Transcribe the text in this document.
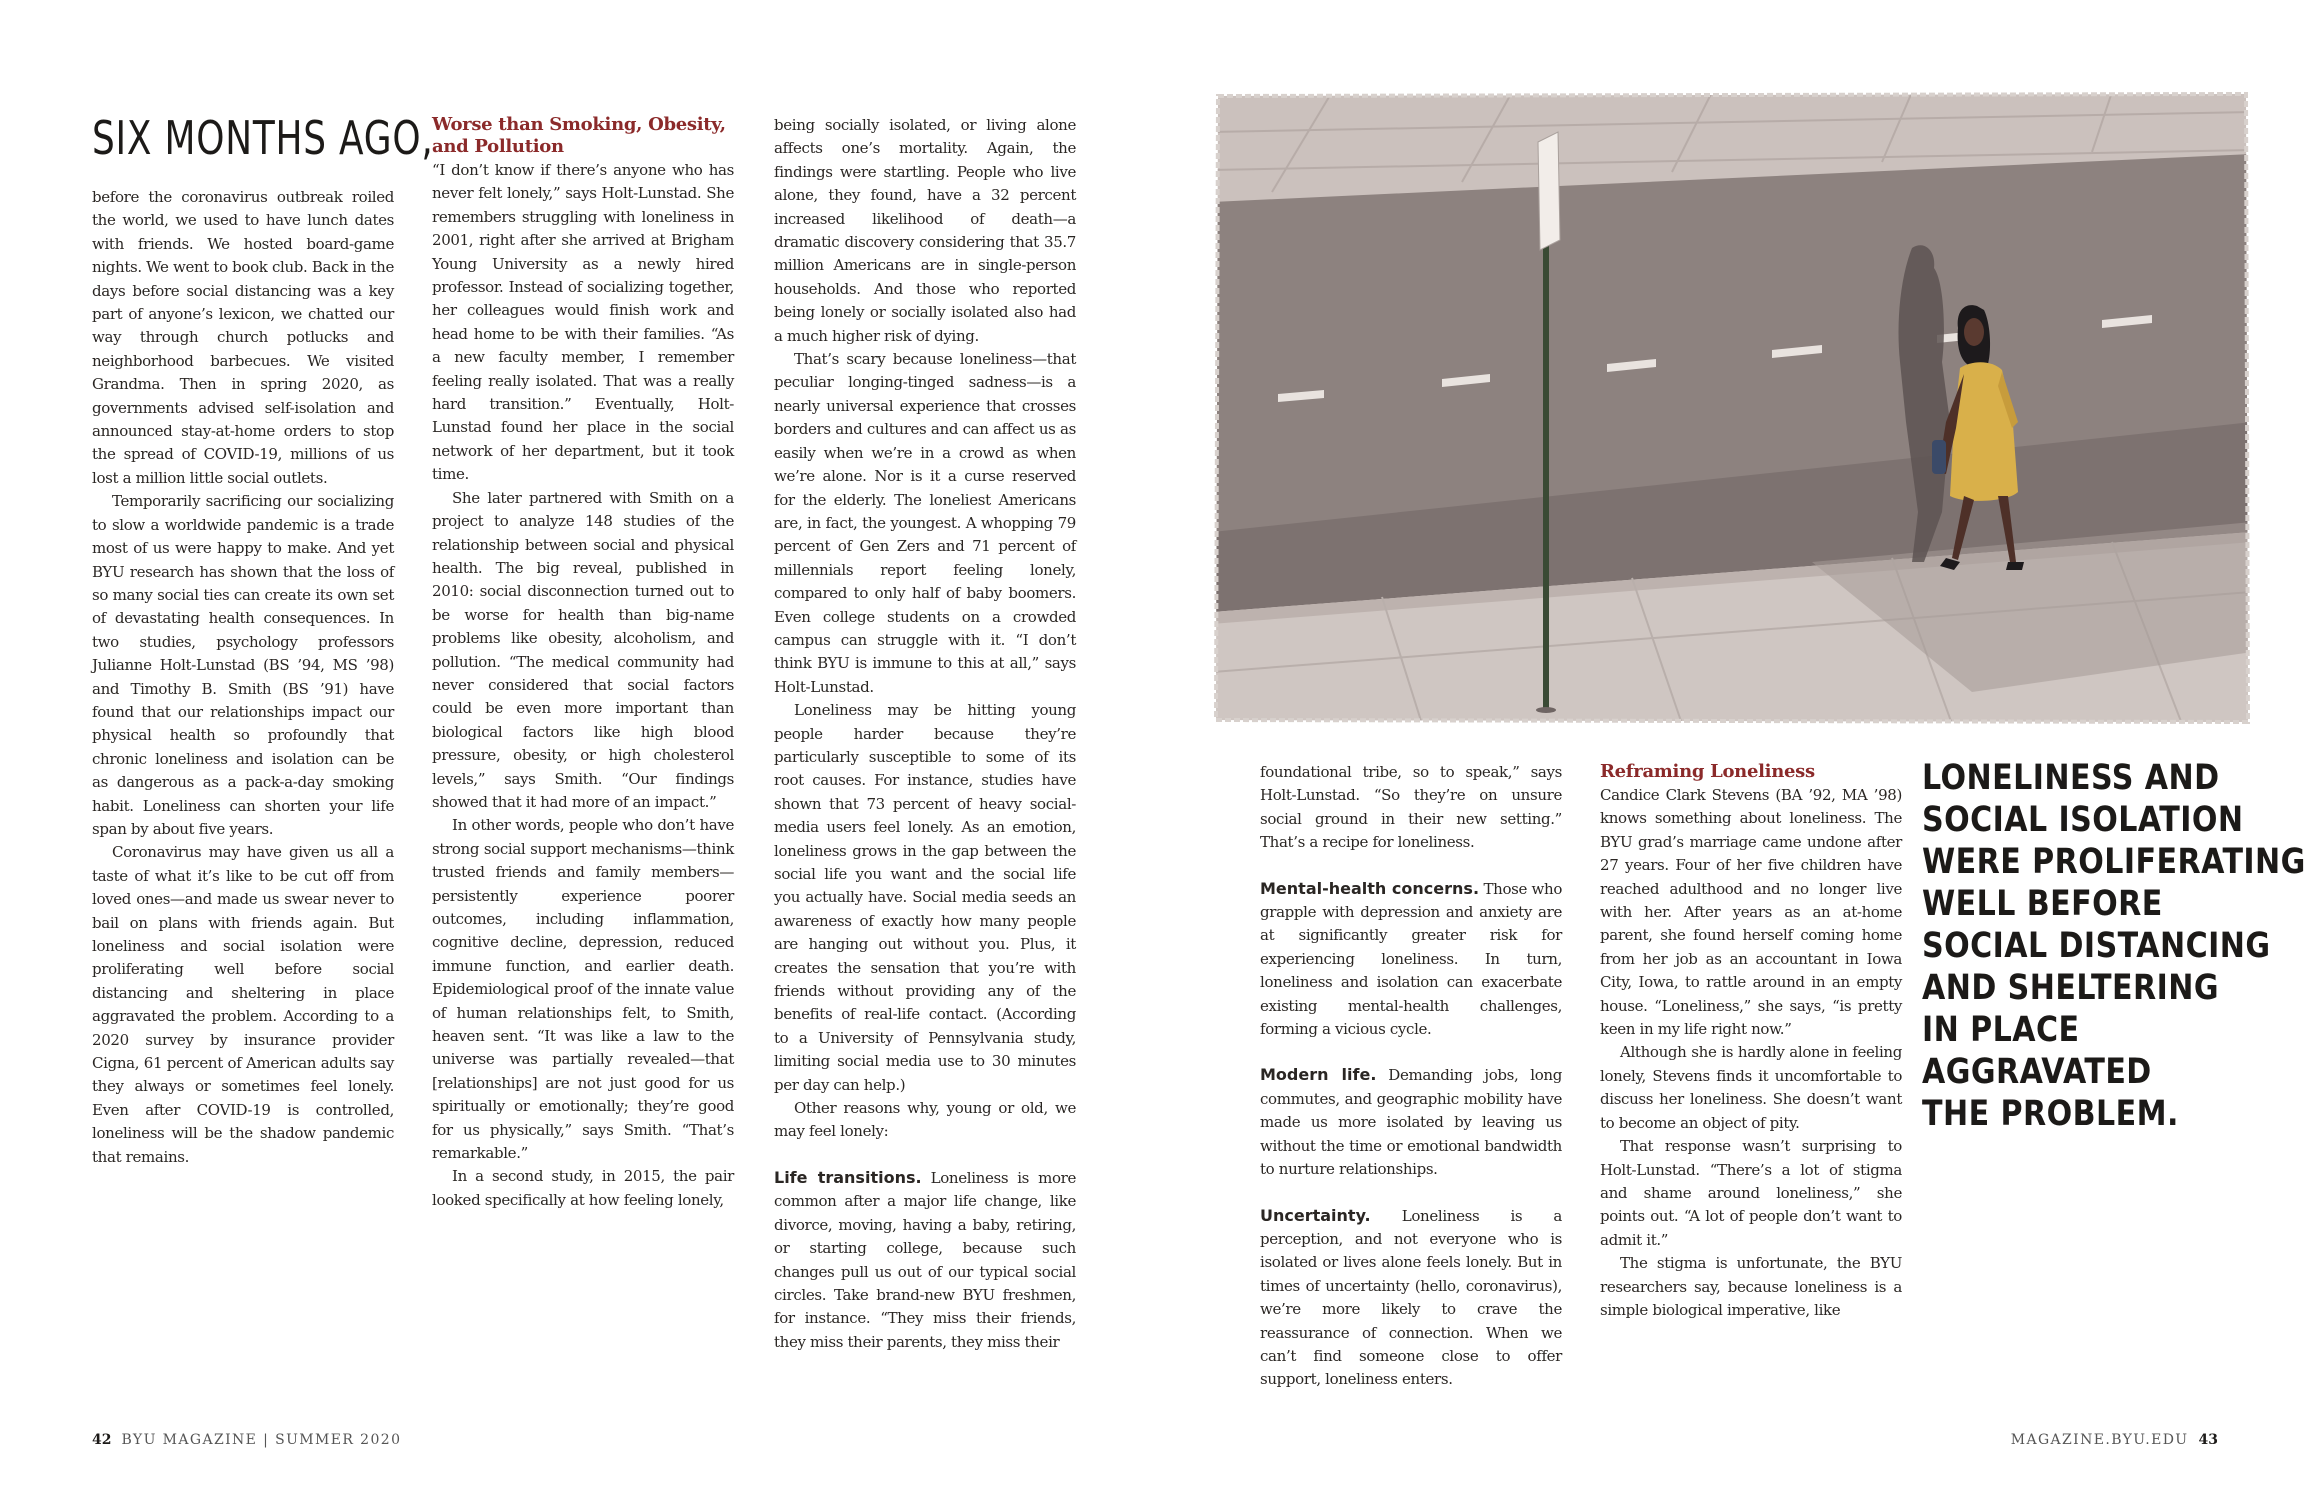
SIX MONTHS AGO,

before the coronavirus outbreak roiled the world, we used to have lunch dates with friends. We hosted board-game nights. We went to book club. Back in the days before social distancing was a key part of anyone’s lexicon, we chatted our way through church potlucks and neighborhood barbecues. We visited Grandma. Then in spring 2020, as governments advised self-isolation and announced stay-at-home orders to stop the spread of COVID-19, millions of us lost a million little social outlets.

Temporarily sacrificing our socializing to slow a worldwide pandemic is a trade most of us were happy to make. And yet BYU research has shown that the loss of so many social ties can create its own set of devastating health consequences. In two studies, psychology professors Julianne Holt-Lunstad (BS ’94, MS ’98) and Timothy B. Smith (BS ’91) have found that our relationships impact our physical health so profoundly that chronic loneliness and isolation can be as dangerous as a pack-a-day smoking habit. Loneliness can shorten your life span by about five years.

Coronavirus may have given us all a taste of what it’s like to be cut off from loved ones—and made us swear never to bail on plans with friends again. But loneliness and social isolation were proliferating well before social distancing and sheltering in place aggravated the problem. According to a 2020 survey by insurance provider Cigna, 61 percent of American adults say they always or sometimes feel lonely. Even after COVID-19 is controlled, loneliness will be the shadow pandemic that remains.

Worse than Smoking, Obesity, and Pollution

“I don’t know if there’s anyone who has never felt lonely,” says Holt-Lunstad. She remembers struggling with loneliness in 2001, right after she arrived at Brigham Young University as a newly hired professor. Instead of socializing together, her colleagues would finish work and head home to be with their families. “As a new faculty member, I remember feeling really isolated. That was a really hard transition.” Eventually, Holt-Lunstad found her place in the social network of her department, but it took time.

She later partnered with Smith on a project to analyze 148 studies of the relationship between social and physical health. The big reveal, published in 2010: social disconnection turned out to be worse for health than big-name problems like obesity, alcoholism, and pollution. “The medical community had never considered that social factors could be even more important than biological factors like high blood pressure, obesity, or high cholesterol levels,” says Smith. “Our findings showed that it had more of an impact.”

In other words, people who don’t have strong social support mechanisms—think trusted friends and family members—persistently experience poorer outcomes, including inflammation, cognitive decline, depression, reduced immune function, and earlier death. Epidemiological proof of the innate value of human relationships felt, to Smith, heaven sent. “It was like a law to the universe was partially revealed—that [relationships] are not just good for us spiritually or emotionally; they’re good for us physically,” says Smith. “That’s remarkable.”

In a second study, in 2015, the pair looked specifically at how feeling lonely,

being socially isolated, or living alone affects one’s mortality. Again, the findings were startling. People who live alone, they found, have a 32 percent increased likelihood of death—a dramatic discovery considering that 35.7 million Americans are in single-person households. And those who reported being lonely or socially isolated also had a much higher risk of dying.

That’s scary because loneliness—that peculiar longing-tinged sadness—is a nearly universal experience that crosses borders and cultures and can affect us as easily when we’re in a crowd as when we’re alone. Nor is it a curse reserved for the elderly. The loneliest Americans are, in fact, the youngest. A whopping 79 percent of Gen Zers and 71 percent of millennials report feeling lonely, compared to only half of baby boomers. Even college students on a crowded campus can struggle with it. “I don’t think BYU is immune to this at all,” says Holt-Lunstad.

Loneliness may be hitting young people harder because they’re particularly susceptible to some of its root causes. For instance, studies have shown that 73 percent of heavy social-media users feel lonely. As an emotion, loneliness grows in the gap between the social life you want and the social life you actually have. Social media seeds an awareness of exactly how many people are hanging out without you. Plus, it creates the sensation that you’re with friends without providing any of the benefits of real-life contact. (According to a University of Pennsylvania study, limiting social media use to 30 minutes per day can help.)

Other reasons why, young or old, we may feel lonely:

Life transitions. Loneliness is more common after a major life change, like divorce, moving, having a baby, retiring, or starting college, because such changes pull us out of our typical social circles. Take brand-new BYU freshmen, for instance. “They miss their friends, they miss their parents, they miss their

42 BYU MAGAZINE | SUMMER 2020

foundational tribe, so to speak,” says Holt-Lunstad. “So they’re on unsure social ground in their new setting.” That’s a recipe for loneliness.

Mental-health concerns. Those who grapple with depression and anxiety are at significantly greater risk for experiencing loneliness. In turn, loneliness and isolation can exacerbate existing mental-health challenges, forming a vicious cycle.

Modern life. Demanding jobs, long commutes, and geographic mobility have made us more isolated by leaving us without the time or emotional bandwidth to nurture relationships.

Uncertainty. Loneliness is a perception, and not everyone who is isolated or lives alone feels lonely. But in times of uncertainty (hello, coronavirus), we’re more likely to crave the reassurance of connection. When we can’t find someone close to offer support, loneliness enters.

Reframing Loneliness

Candice Clark Stevens (BA ’92, MA ’98) knows something about loneliness. The BYU grad’s marriage came undone after 27 years. Four of her five children have reached adulthood and no longer live with her. After years as an at-home parent, she found herself coming home from her job as an accountant in Iowa City, Iowa, to rattle around in an empty house. “Loneliness,” she says, “is pretty keen in my life right now.”

Although she is hardly alone in feeling lonely, Stevens finds it uncomfortable to discuss her loneliness. She doesn’t want to become an object of pity.

That response wasn’t surprising to Holt-Lunstad. “There’s a lot of stigma and shame around loneliness,” she points out. “A lot of people don’t want to admit it.”

The stigma is unfortunate, the BYU researchers say, because loneliness is a simple biological imperative, like

LONELINESS AND
SOCIAL ISOLATION
WERE PROLIFERATING
WELL BEFORE
SOCIAL DISTANCING
AND SHELTERING
IN PLACE
AGGRAVATED
THE PROBLEM.
MAGAZINE.BYU.EDU 43
